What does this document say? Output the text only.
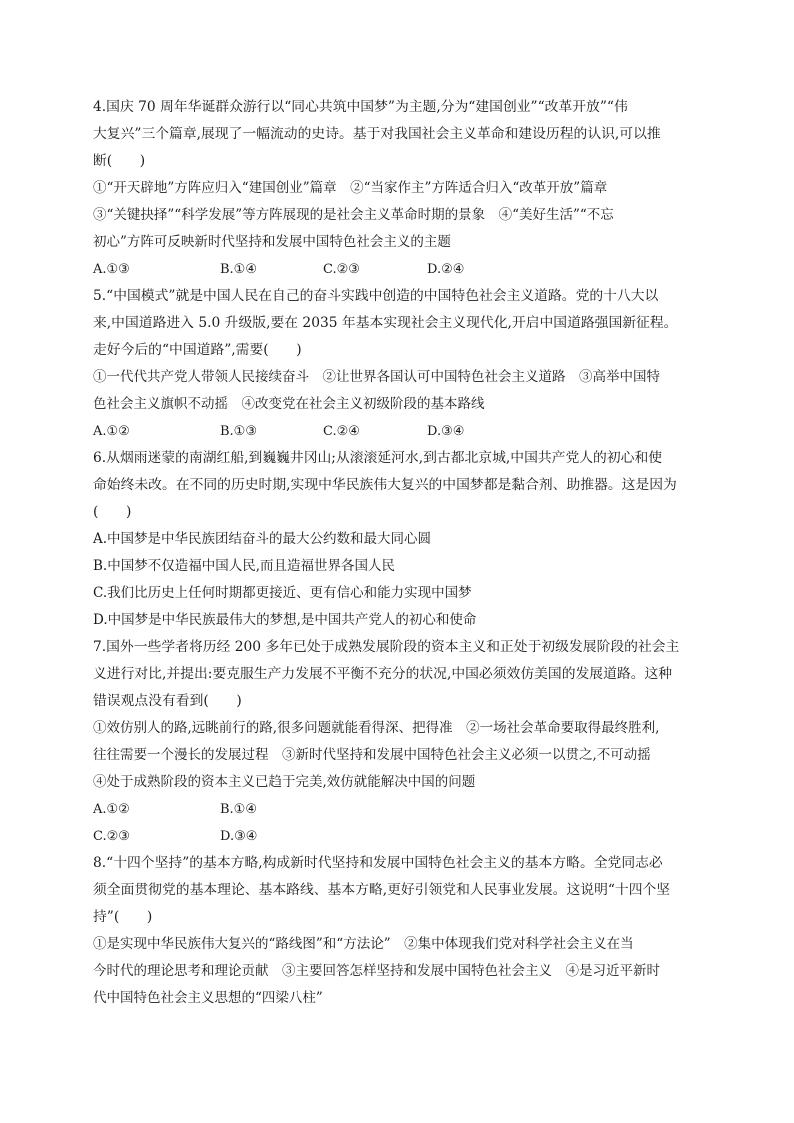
4.国庆 70 周年华诞群众游行以“同心共筑中国梦”为主题,分为“建国创业”“改革开放”“伟
大复兴”三个篇章,展现了一幅流动的史诗。基于对我国社会主义革命和建设历程的认识,可以推
断(　　)
①“开天辟地”方阵应归入“建国创业”篇章　②“当家作主”方阵适合归入“改革开放”篇章
③“关键抉择”“科学发展”等方阵展现的是社会主义革命时期的景象　④“美好生活”“不忘
初心”方阵可反映新时代坚持和发展中国特色社会主义的主题
A.①③	B.①④	C.②③	D.②④
5.“中国模式”就是中国人民在自己的奋斗实践中创造的中国特色社会主义道路。党的十八大以
来,中国道路进入 5.0 升级版,要在 2035 年基本实现社会主义现代化,开启中国道路强国新征程。
走好今后的“中国道路”,需要(　　)
①一代代共产党人带领人民接续奋斗　②让世界各国认可中国特色社会主义道路　③高举中国特
色社会主义旗帜不动摇　④改变党在社会主义初级阶段的基本路线
A.①②	B.①③	C.②④	D.③④
6.从烟雨迷蒙的南湖红船,到巍巍井冈山;从滚滚延河水,到古都北京城,中国共产党人的初心和使
命始终未改。在不同的历史时期,实现中华民族伟大复兴的中国梦都是黏合剂、助推器。这是因为
(　　)
A.中国梦是中华民族团结奋斗的最大公约数和最大同心圆
B.中国梦不仅造福中国人民,而且造福世界各国人民
C.我们比历史上任何时期都更接近、更有信心和能力实现中国梦
D.中国梦是中华民族最伟大的梦想,是中国共产党人的初心和使命
7.国外一些学者将历经 200 多年已处于成熟发展阶段的资本主义和正处于初级发展阶段的社会主
义进行对比,并提出:要克服生产力发展不平衡不充分的状况,中国必须效仿美国的发展道路。这种
错误观点没有看到(　　)
①效仿别人的路,远眺前行的路,很多问题就能看得深、把得准　②一场社会革命要取得最终胜利,
往往需要一个漫长的发展过程　③新时代坚持和发展中国特色社会主义必须一以贯之,不可动摇
④处于成熟阶段的资本主义已趋于完美,效仿就能解决中国的问题
A.①②	B.①④
C.②③	D.③④
8.“十四个坚持”的基本方略,构成新时代坚持和发展中国特色社会主义的基本方略。全党同志必
须全面贯彻党的基本理论、基本路线、基本方略,更好引领党和人民事业发展。这说明“十四个坚
持”(　　)
①是实现中华民族伟大复兴的“路线图”和“方法论”　②集中体现我们党对科学社会主义在当
今时代的理论思考和理论贡献　③主要回答怎样坚持和发展中国特色社会主义　④是习近平新时
代中国特色社会主义思想的“四梁八柱”
